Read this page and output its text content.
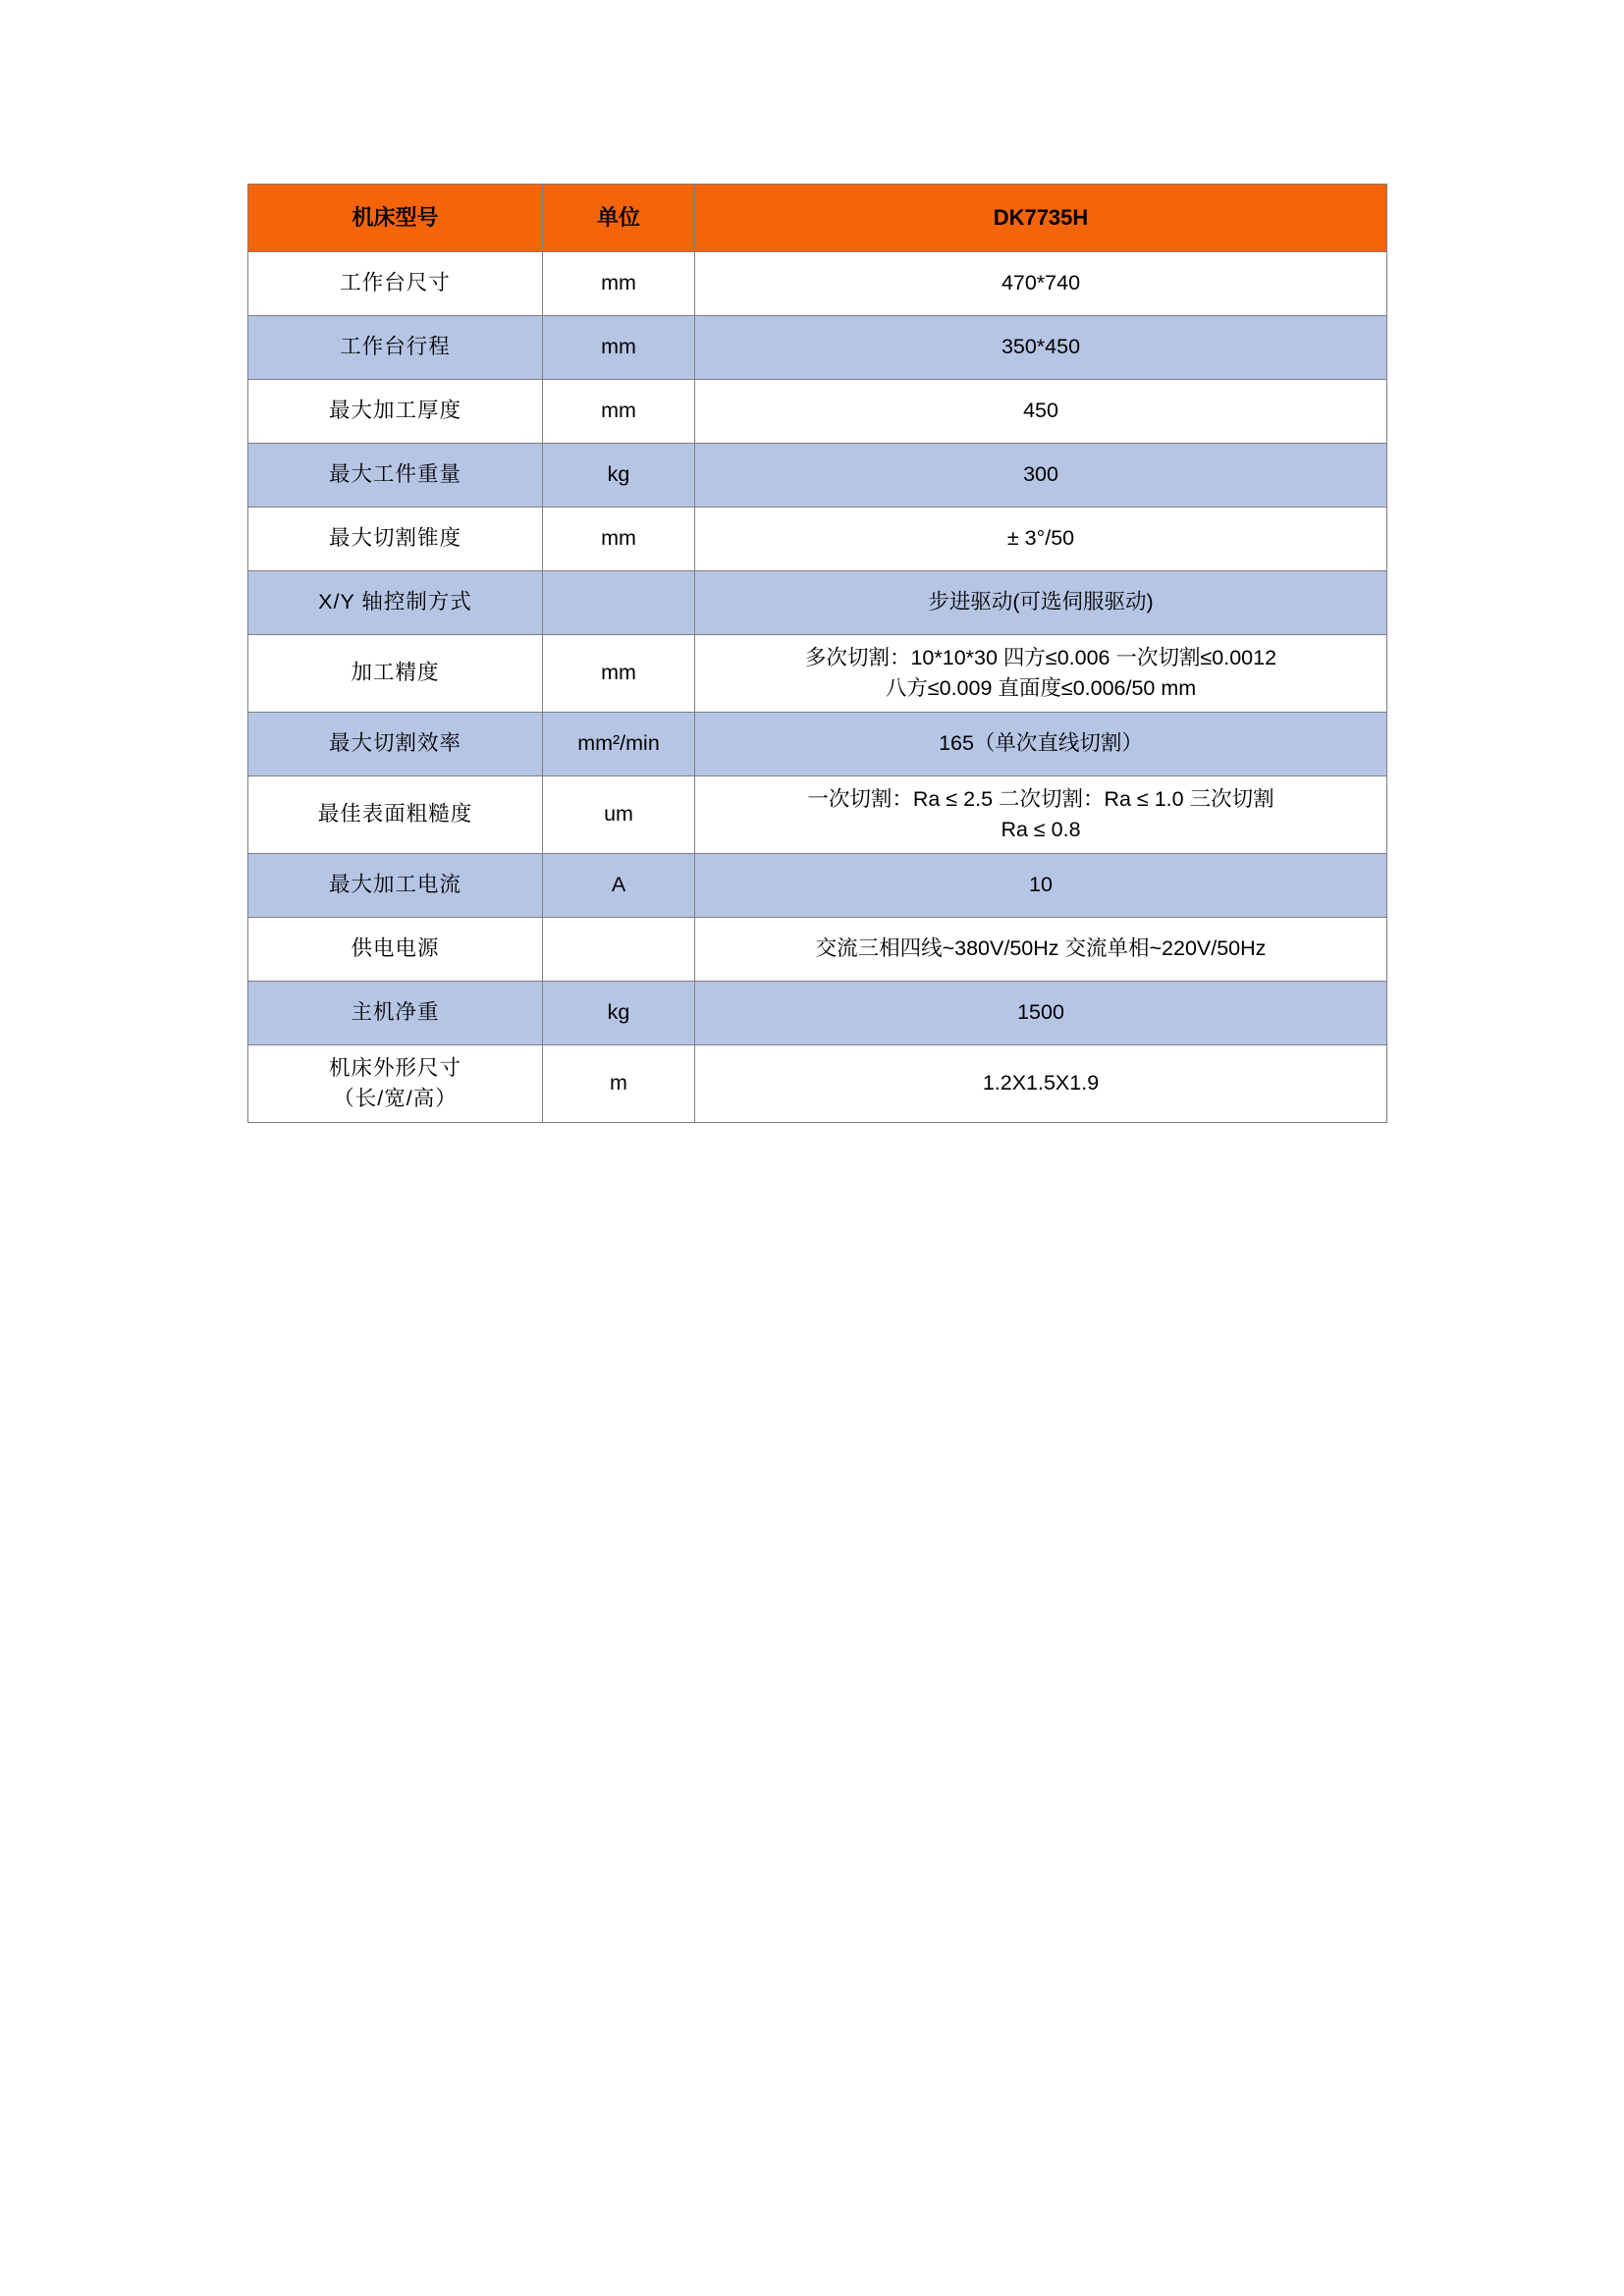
机床型号	单位	DK7735H
工作台尺寸	mm	470*740
工作台行程	mm	350*450
最大加工厚度	mm	450
最大工件重量	kg	300
最大切割锥度	mm	± 3°/50
X/Y 轴控制方式		步进驱动(可选伺服驱动)
加工精度	mm	多次切割：10*10*30 四方≤0.006 一次切割≤0.0012
八方≤0.009 直面度≤0.006/50 mm

最大切割效率	mm²/min	165（单次直线切割）
最佳表面粗糙度	um	一次切割：Ra ≤ 2.5 二次切割：Ra ≤ 1.0 三次切割
Ra ≤ 0.8

最大加工电流	A	10
供电电源		交流三相四线~380V/50Hz 交流单相~220V/50Hz
主机净重	kg	1500

机床外形尺寸
（长/宽/高）	m	1.2X1.5X1.9
